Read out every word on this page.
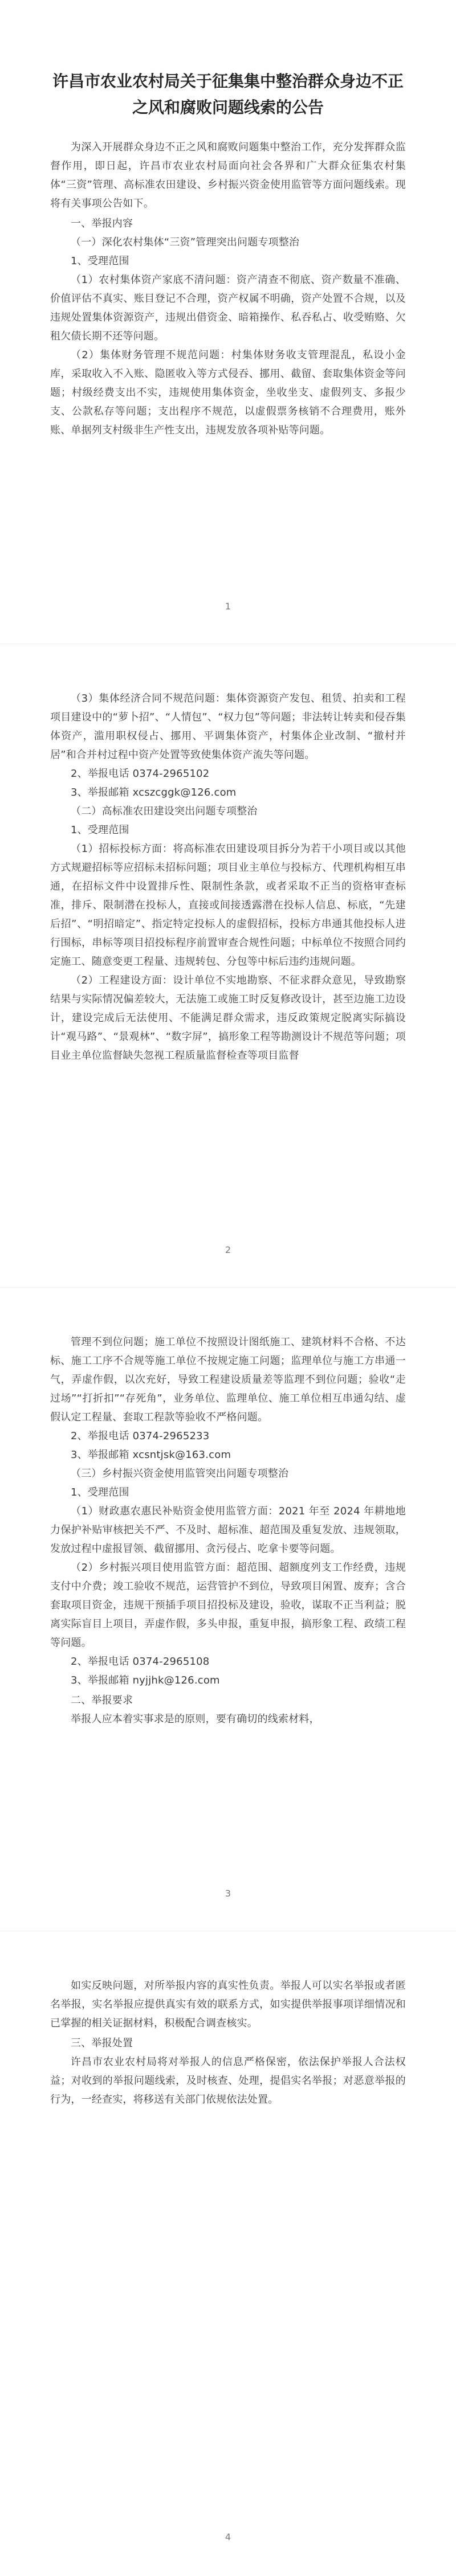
许昌市农业农村局关于征集集中整治群众身边不正之风和腐败问题线索的公告

为深入开展群众身边不正之风和腐败问题集中整治工作，充分发挥群众监督作用，即日起，许昌市农业农村局面向社会各界和广大群众征集农村集体“三资”管理、高标准农田建设、乡村振兴资金使用监管等方面问题线索。现将有关事项公告如下。

一、举报内容

（一）深化农村集体“三资”管理突出问题专项整治

1、受理范围

（1）农村集体资产家底不清问题：资产清查不彻底、资产数量不准确、价值评估不真实、账目登记不合理，资产权属不明确，资产处置不合规，以及违规处置集体资源资产，违规出借资金、暗箱操作、私吞私占、收受贿赂、欠租欠债长期不还等问题。

（2）集体财务管理不规范问题：村集体财务收支管理混乱，私设小金库，采取收入不入账、隐匿收入等方式侵吞、挪用、截留、套取集体资金等问题；村级经费支出不实，违规使用集体资金，坐收坐支、虚假列支、多报少支、公款私存等问题；支出程序不规范，以虚假票务核销不合理费用，账外账、单据列支村级非生产性支出，违规发放各项补贴等问题。

1

（3）集体经济合同不规范问题：集体资源资产发包、租赁、拍卖和工程项目建设中的“萝卜招”、“人情包”、“权力包”等问题；非法转让转卖和侵吞集体资产，滥用职权侵占、挪用、平调集体资产，村集体企业改制、“撤村并居”和合并村过程中资产处置等致使集体资产流失等问题。

2、举报电话 0374-2965102

3、举报邮箱 xcszcggk@126.com

（二）高标准农田建设突出问题专项整治

1、受理范围

（1）招标投标方面：将高标准农田建设项目拆分为若干小项目或以其他方式规避招标等应招标未招标问题；项目业主单位与投标方、代理机构相互串通，在招标文件中设置排斥性、限制性条款，或者采取不正当的资格审查标准，排斥、限制潜在投标人，直接或间接透露潜在投标人信息、标底，“先建后招”、“明招暗定”、指定特定投标人的虚假招标，投标方串通其他投标人进行围标，串标等项目招投标程序前置审查合规性问题；中标单位不按照合同约定施工、随意变更工程量、违规转包、分包等中标后违约违规问题。

（2）工程建设方面：设计单位不实地勘察、不征求群众意见，导致勘察结果与实际情况偏差较大，无法施工或施工时反复修改设计，甚至边施工边设计，建设完成后无法使用、不能满足群众需求，违反政策规定脱离实际搞设计“观马路”、“景观林”、“数字屏”，搞形象工程等勘测设计不规范等问题；项目业主单位监督缺失忽视工程质量监督检查等项目监督

2

管理不到位问题；施工单位不按照设计图纸施工、建筑材料不合格、不达标、施工工序不合规等施工单位不按规定施工问题；监理单位与施工方串通一气，弄虚作假，以次充好，导致工程建设质量差等监理不到位问题；验收“走过场”“打折扣”“存死角”，业务单位、监理单位、施工单位相互串通勾结、虚假认定工程量、套取工程款等验收不严格问题。

2、举报电话 0374-2965233

3、举报邮箱 xcsntjsk@163.com

（三）乡村振兴资金使用监管突出问题专项整治

1、受理范围

（1）财政惠农惠民补贴资金使用监管方面：2021 年至 2024 年耕地地力保护补贴审核把关不严、不及时、超标准、超范围及重复发放、违规领取，发放过程中虚报冒领、截留挪用、贪污侵占、吃拿卡要等问题。

（2）乡村振兴项目使用监管方面：超范围、超额度列支工作经费，违规支付中介费；竣工验收不规范，运营管护不到位，导致项目闲置、废弃；含合套取项目资金，违规干预插手项目招投标及建设，验收，谋取不正当利益；脱离实际盲目上项目，弄虚作假，多头申报，重复申报，搞形象工程、政绩工程等问题。

2、举报电话 0374-2965108

3、举报邮箱 nyjjhk@126.com

二、举报要求

举报人应本着实事求是的原则，要有确切的线索材料，

3

如实反映问题，对所举报内容的真实性负责。举报人可以实名举报或者匿名举报，实名举报应提供真实有效的联系方式，如实提供举报事项详细情况和已掌握的相关证据材料，积极配合调查核实。

三、举报处置

许昌市农业农村局将对举报人的信息严格保密，依法保护举报人合法权益；对收到的举报问题线索，及时核查、处理，提倡实名举报；对恶意举报的行为，一经查实，将移送有关部门依规依法处置。

4
